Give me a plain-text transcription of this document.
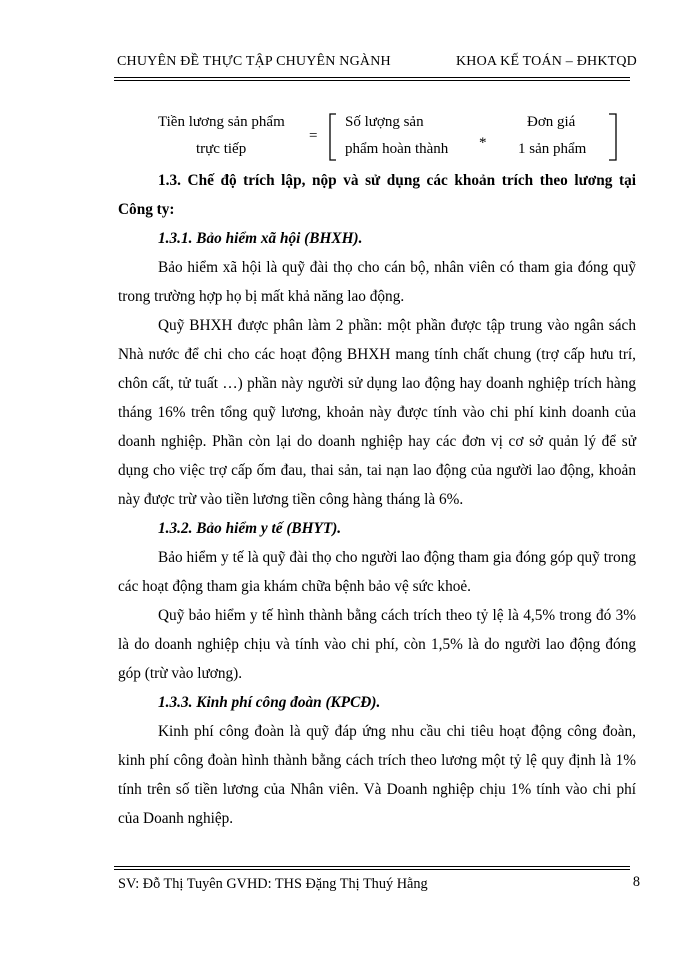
CHUYÊN ĐỀ THỰC TẬP CHUYÊN NGÀNH	KHOA KẾ TOÁN – ĐHKTQD
Tiền lương sản phẩm
trực tiếp
=
Số lượng sản
phẩm hoàn thành *
Đơn giá
1 sản phẩm

1.3. Chế độ trích lập, nộp và sử dụng các khoản trích theo lương tại Công ty:

1.3.1. Bảo hiểm xã hội (BHXH).

Bảo hiểm xã hội là quỹ đài thọ cho cán bộ, nhân viên có tham gia đóng quỹ trong trường hợp họ bị mất khả năng lao động.

Quỹ BHXH được phân làm 2 phần: một phần được tập trung vào ngân sách Nhà nước để chi cho các hoạt động BHXH mang tính chất chung (trợ cấp hưu trí, chôn cất, tử tuất …) phần này người sử dụng lao động hay doanh nghiệp trích hàng tháng 16% trên tổng quỹ lương, khoản này được tính vào chi phí kinh doanh của doanh nghiệp. Phần còn lại do doanh nghiệp hay các đơn vị cơ sở quản lý để sử dụng cho việc trợ cấp ốm đau, thai sản, tai nạn lao động của người lao động, khoản này được trừ vào tiền lương tiền công hàng tháng là 6%.

1.3.2. Bảo hiểm y tế (BHYT).

Bảo hiểm y tế là quỹ đài thọ cho người lao động tham gia đóng góp quỹ trong các hoạt động tham gia khám chữa bệnh bảo vệ sức khoẻ.

Quỹ bảo hiểm y tế hình thành bằng cách trích theo tỷ lệ là 4,5% trong đó 3% là do doanh nghiệp chịu và tính vào chi phí, còn 1,5% là do người lao động đóng góp (trừ vào lương).

1.3.3. Kinh phí công đoàn (KPCĐ).

Kinh phí công đoàn là quỹ đáp ứng nhu cầu chi tiêu hoạt động công đoàn, kinh phí công đoàn hình thành bằng cách trích theo lương một tỷ lệ quy định là 1% tính trên số tiền lương của Nhân viên. Và Doanh nghiệp chịu 1% tính vào chi phí của Doanh nghiệp.

SV: Đỗ Thị Tuyên GVHD: THS Đặng Thị Thuý Hằng	8
